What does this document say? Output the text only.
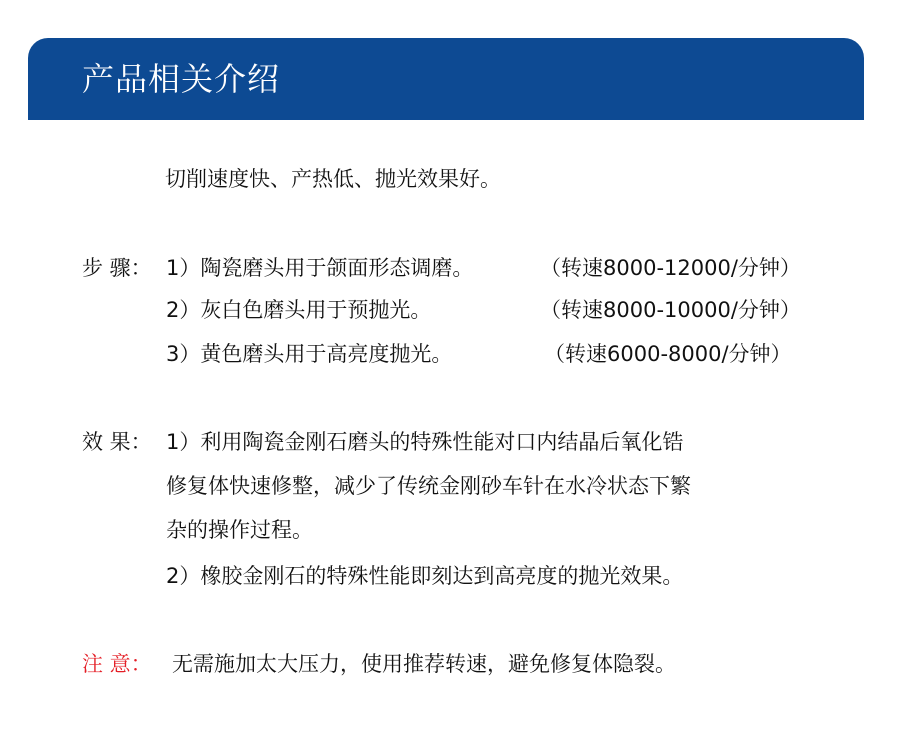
产品相关介绍
切削速度快、产热低、抛光效果好。
步 骤： 1）陶瓷磨头用于颌面形态调磨。	（转速8000-12000/分钟）
2）灰白色磨头用于预抛光。	（转速8000-10000/分钟）
3）黄色磨头用于高亮度抛光。	（转速6000-8000/分钟）
效 果： 1）利用陶瓷金刚石磨头的特殊性能对口内结晶后氧化锆
修复体快速修整，减少了传统金刚砂车针在水冷状态下繁
杂的操作过程。
2）橡胶金刚石的特殊性能即刻达到高亮度的抛光效果。
注 意： 无需施加太大压力，使用推荐转速，避免修复体隐裂。
